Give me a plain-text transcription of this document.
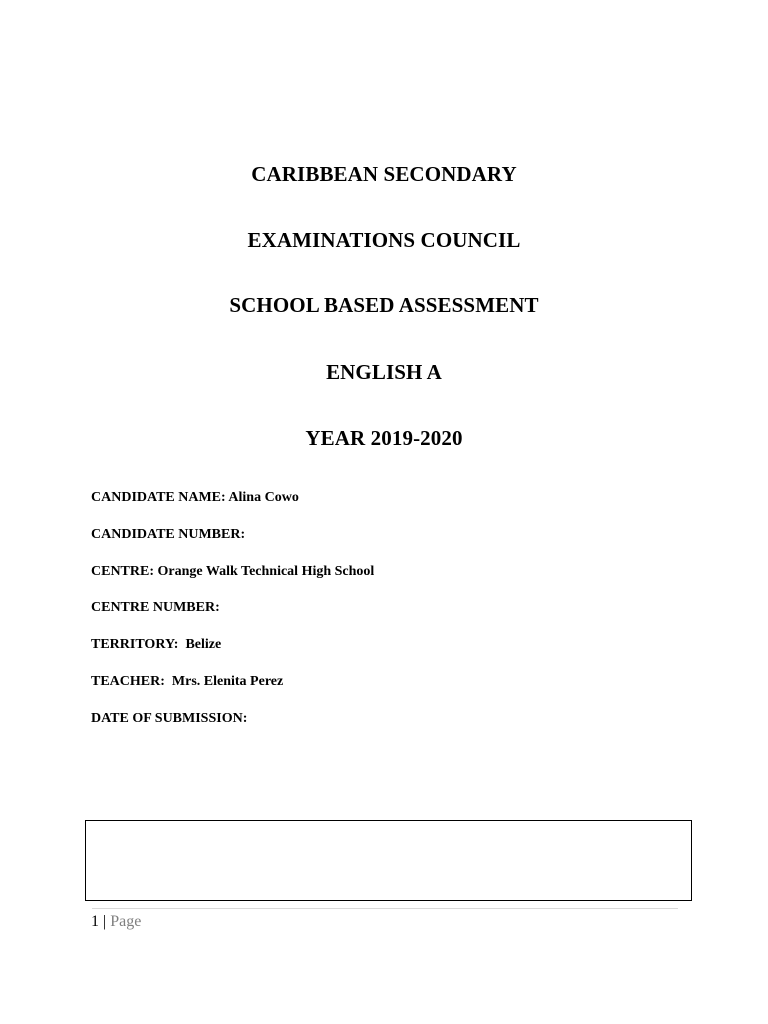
CARIBBEAN SECONDARY
EXAMINATIONS COUNCIL
SCHOOL BASED ASSESSMENT
ENGLISH A
YEAR 2019-2020
CANDIDATE NAME: Alina Cowo
CANDIDATE NUMBER:
CENTRE: Orange Walk Technical High School
CENTRE NUMBER:
TERRITORY:  Belize
TEACHER:  Mrs. Elenita Perez
DATE OF SUBMISSION:
1 | Page
